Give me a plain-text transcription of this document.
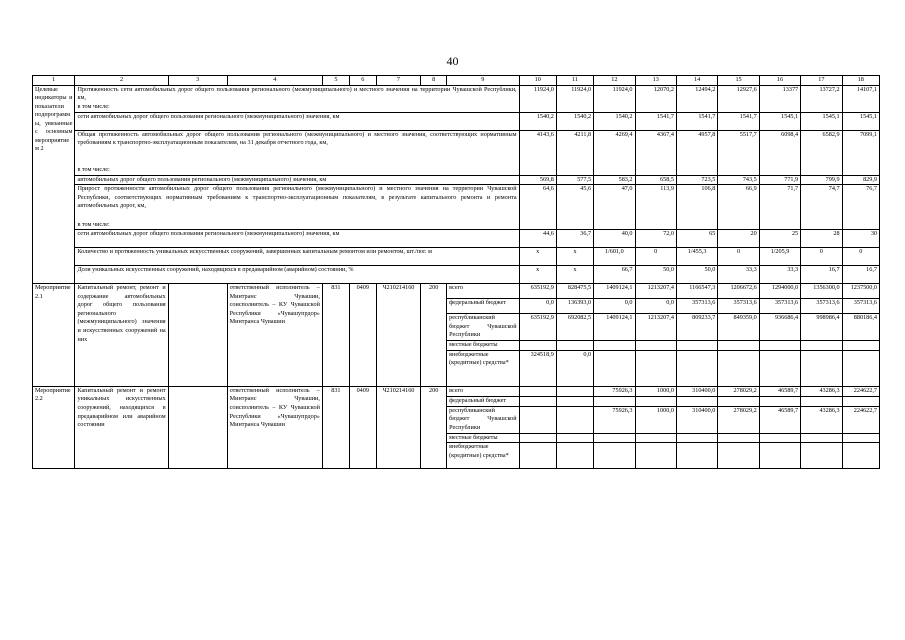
40
1	2	3	4	5	6	7	8	9	10	11	12	13	14	15	16	17	18
Целевые индикаторы и показатели подпрограммы, увязанные с основным мероприятием 2	Протяженность сети автомобильных дорог общего пользования регионального (межмуниципального) и местного значения на территории Чувашской Республики, км,								11924,0	11924,0	11924,0	12070,2	12494,2	12927,6	13377	13727,2	14107,1
	в том числе:																
	сети автомобильных дорог общего пользования регионального (межмуниципального) значения, км								1540,2	1540,2	1540,2	1541,7	1541,7	1541,7	1545,1	1545,1	1545,1
	Общая протяженность автомобильных дорог общего пользования регионального (межмуниципального) и местного значения, соответствующих нормативным требованиям к транспортно-эксплуатационным показателям, на 31 декабря отчетного года, км,								4143,6	4211,8	4269,4	4367,4	4957,8	5517,7	6098,4	6582,9	7099,1
	в том числе:																
	автомобильных дорог общего пользования регионального (межмуниципального) значения, км								569,8	577,5	583,2	658,5	723,5	743,5	771,9	799,9	829,9
	Прирост протяженности автомобильных дорог общего пользования регионального (межмуниципального) и местного значения на территории Чувашской Республики, соответствующих нормативным требованиям к транспортно-эксплуатационным показателям, в результате капитального ремонта и ремонта автомобильных дорог, км,								64,6	45,6	47,0	113,9	106,8	66,9	71,7	74,7	76,7
	в том числе:																
	сети автомобильных дорог общего пользования регионального (межмуниципального) значения, км								44,6	36,7	40,0	72,0	65	20	25	28	30
	Количество и протяженность уникальных искусственных сооружений, завершенных капитальным ремонтом или ремонтом, шт./пог. м								x	x	1/601,0	0	1/455,3	0	1/205,9	0	0
	Доля уникальных искусственных сооружений, находящихся в предаварийном (аварийном) состоянии, %								x	x	66,7	50,0	50,0	33,3	33,3	16,7	16,7
Мероприятие 2.1	Капитальный ремонт, ремонт и содержание автомобильных дорог общего пользования регионального (межмуниципального) значения и искусственных сооружений на них		ответственный исполнитель – Минтранс Чувашии, соисполнитель – КУ Чувашской Республики «Чувашупрдор» Минтранса Чувашии	831	0409	Ч210214160	200	всего	635192,9	828475,5	1409124,1	1213207,4	1166547,3	1206672,6	1294000,0	1356300,0	1237500,0
								федеральный бюджет	0,0	136393,0	0,0	0,0	357313,6	357313,6	357313,6	357313,6	357313,6
								республиканский бюджет Чувашской Республики	635192,9	692082,5	1409124,1	1213207,4	809233,7	849359,0	936686,4	998986,4	880186,4
								местные бюджеты									
								внебюджетные (кредитные) средства*	324518,9	0,0							
Мероприятие 2.2	Капитальный ремонт и ремонт уникальных искусственных сооружений, находящихся в предаварийном или аварийном состоянии		ответственный исполнитель – Минтранс Чувашии, соисполнитель – КУ Чувашской Республики «Чувашупрдор» Минтранса Чувашии	831	0409	Ч210214160	200	всего			75926,3	1000,0	310400,0	278029,2	46589,7	43286,3	224622,7
								федеральный бюджет									
								республиканский бюджет Чувашской Республики			75926,3	1000,0	310400,0	278029,2	46589,7	43286,3	224622,7
								местные бюджеты									
								внебюджетные (кредитные) средства*									
